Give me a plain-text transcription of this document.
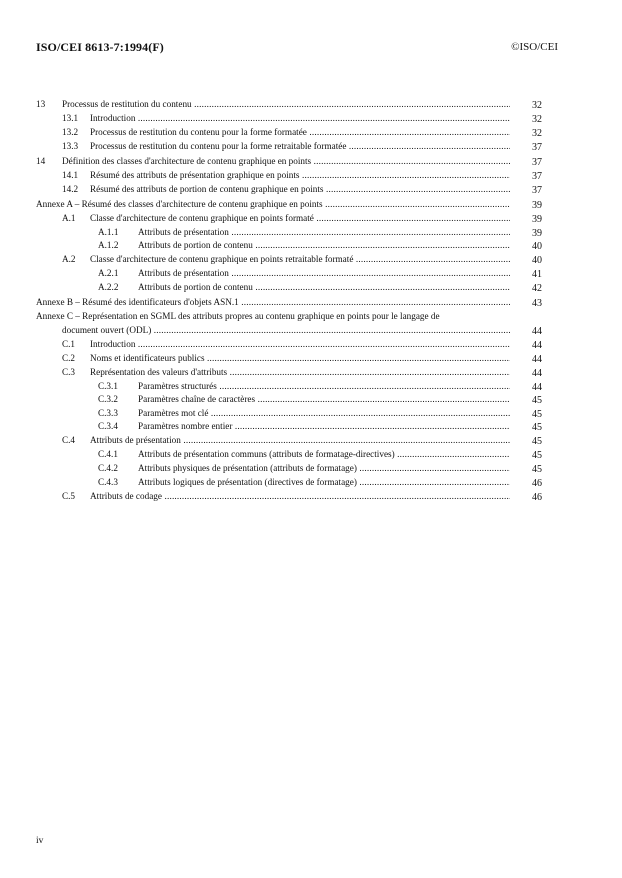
ISO/CEI 8613-7:1994(F)	©ISO/CEI
13 Processus de restitution du contenu .....	32
13.1 Introduction .....	32
13.2 Processus de restitution du contenu pour la forme formatée .....	32
13.3 Processus de restitution du contenu pour la forme retraitable formatée .....	37
14 Définition des classes d'architecture de contenu graphique en points .....	37
14.1 Résumé des attributs de présentation graphique en points .....	37
14.2 Résumé des attributs de portion de contenu graphique en points .....	37
Annexe A – Résumé des classes d'architecture de contenu graphique en points .....	39
A.1 Classe d'architecture de contenu graphique en points formaté .....	39
A.1.1 Attributs de présentation .....	39
A.1.2 Attributs de portion de contenu .....	40
A.2 Classe d'architecture de contenu graphique en points retraitable formaté .....	40
A.2.1 Attributs de présentation .....	41
A.2.2 Attributs de portion de contenu .....	42
Annexe B – Résumé des identificateurs d'objets ASN.1 .....	43
Annexe C – Représentation en SGML des attributs propres au contenu graphique en points pour le langage de
document ouvert (ODL) .....	44
C.1 Introduction .....	44
C.2 Noms et identificateurs publics .....	44
C.3 Représentation des valeurs d'attributs .....	44
C.3.1 Paramètres structurés .....	44
C.3.2 Paramètres chaîne de caractères .....	45
C.3.3 Paramètres mot clé .....	45
C.3.4 Paramètres nombre entier .....	45
C.4 Attributs de présentation .....	45
C.4.1 Attributs de présentation communs (attributs de formatage-directives) .....	45
C.4.2 Attributs physiques de présentation (attributs de formatage) .....	45
C.4.3 Attributs logiques de présentation (directives de formatage) .....	46
C.5 Attributs de codage .....	46
iv
